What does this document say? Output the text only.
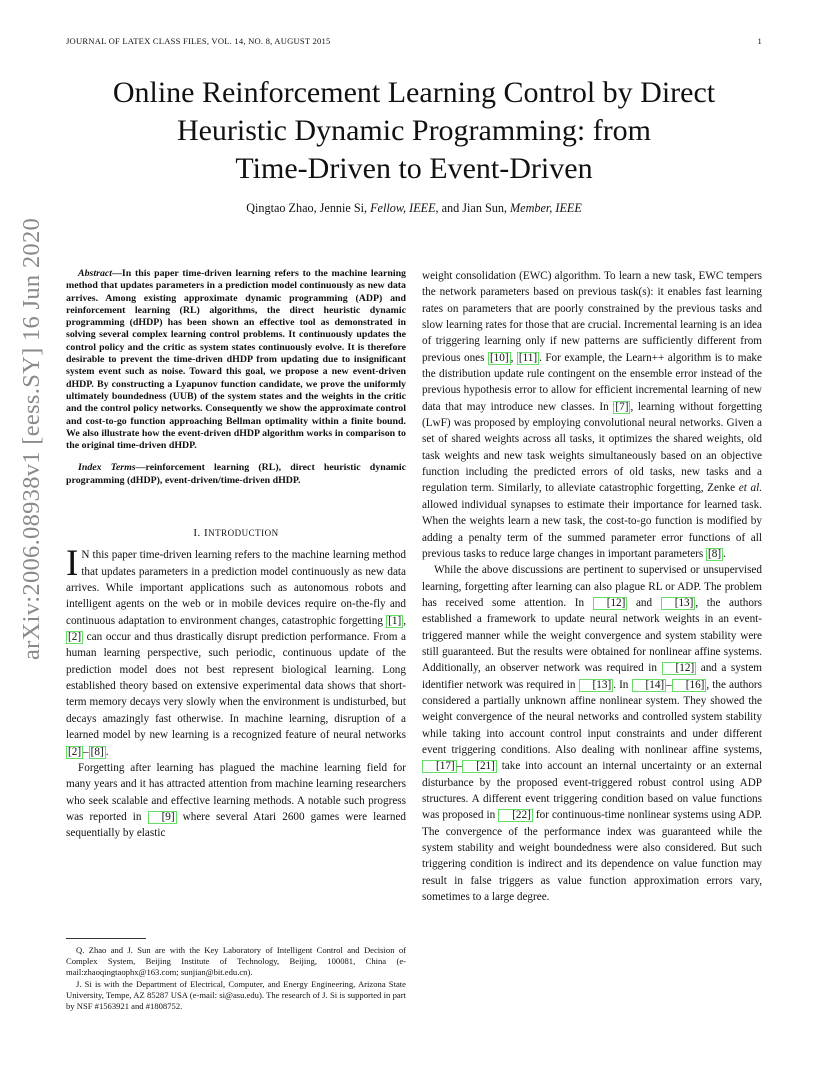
JOURNAL OF LATEX CLASS FILES, VOL. 14, NO. 8, AUGUST 2015	1
arXiv:2006.08938v1 [eess.SY] 16 Jun 2020
Online Reinforcement Learning Control by Direct
Heuristic Dynamic Programming: from
Time-Driven to Event-Driven
Qingtao Zhao, Jennie Si, Fellow, IEEE, and Jian Sun, Member, IEEE

Abstract—In this paper time-driven learning refers to the machine learning method that updates parameters in a prediction model continuously as new data arrives. Among existing approximate dynamic programming (ADP) and reinforcement learning (RL) algorithms, the direct heuristic dynamic programming (dHDP) has been shown an effective tool as demonstrated in solving several complex learning control problems. It continuously updates the control policy and the critic as system states continuously evolve. It is therefore desirable to prevent the time-driven dHDP from updating due to insignificant system event such as noise. Toward this goal, we propose a new event-driven dHDP. By constructing a Lyapunov function candidate, we prove the uniformly ultimately boundedness (UUB) of the system states and the weights in the critic and the control policy networks. Consequently we show the approximate control and cost-to-go function approaching Bellman optimality within a finite bound. We also illustrate how the event-driven dHDP algorithm works in comparison to the original time-driven dHDP.

Index Terms—reinforcement learning (RL), direct heuristic dynamic programming (dHDP), event-driven/time-driven dHDP.

I. INTRODUCTION

I N this paper time-driven learning refers to the machine learning method that updates parameters in a prediction model continuously as new data arrives. While important applications such as autonomous robots and intelligent agents on the web or in mobile devices require on-the-fly and continuous adaptation to environment changes, catastrophic forgetting [1] , [2] can occur and thus drastically disrupt prediction performance. From a human learning perspective, such periodic, continuous update of the prediction model does not best represent biological learning. Long established theory based on extensive experimental data shows that short-term memory decays very slowly when the environment is undisturbed, but decays amazingly fast otherwise. In machine learning, disruption of a learned model by new learning is a recognized feature of neural networks [2] – [8] .

Forgetting after learning has plagued the machine learning field for many years and it has attracted attention from machine learning researchers who seek scalable and effective learning methods. A notable such progress was reported in [9] where several Atari 2600 games were learned sequentially by elastic

Q. Zhao and J. Sun are with the Key Laboratory of Intelligent Control and Decision of Complex System, Beijing Institute of Technology, Beijing, 100081, China (e-mail:zhaoqingtaophx@163.com; sunjian@bit.edu.cn).

J. Si is with the Department of Electrical, Computer, and Energy Engineering, Arizona State University, Tempe, AZ 85287 USA (e-mail: si@asu.edu). The research of J. Si is supported in part by NSF #1563921 and #1808752.

weight consolidation (EWC) algorithm. To learn a new task, EWC tempers the network parameters based on previous task(s): it enables fast learning rates on parameters that are poorly constrained by the previous tasks and slow learning rates for those that are crucial. Incremental learning is an idea of triggering learning only if new patterns are sufficiently different from previous ones [10] , [11] . For example, the Learn++ algorithm is to make the distribution update rule contingent on the ensemble error instead of the previous hypothesis error to allow for efficient incremental learning of new data that may introduce new classes. In [7] , learning without forgetting (LwF) was proposed by employing convolutional neural networks. Given a set of shared weights across all tasks, it optimizes the shared weights, old task weights and new task weights simultaneously based on an objective function including the predicted errors of old tasks, new tasks and a regulation term. Similarly, to alleviate catastrophic forgetting, Zenke et al. allowed individual synapses to estimate their importance for learned task. When the weights learn a new task, the cost-to-go function is modified by adding a penalty term of the summed parameter error functions of all previous tasks to reduce large changes in important parameters [8] .

While the above discussions are pertinent to supervised or unsupervised learning, forgetting after learning can also plague RL or ADP. The problem has received some attention. In [12] and [13] , the authors established a framework to update neural network weights in an event-triggered manner while the weight convergence and system stability were still guaranteed. But the results were obtained for nonlinear affine systems. Additionally, an observer network was required in [12] and a system identifier network was required in [13] . In [14] – [16] , the authors considered a partially unknown affine nonlinear system. They showed the weight convergence of the neural networks and controlled system stability while taking into account control input constraints and under different event triggering conditions. Also dealing with nonlinear affine systems, [17] – [21] take into account an internal uncertainty or an external disturbance by the proposed event-triggered robust control using ADP structures. A different event triggering condition based on value functions was proposed in [22] for continuous-time nonlinear systems using ADP. The convergence of the performance index was guaranteed while the system stability and weight boundedness were also considered. But such triggering condition is indirect and its dependence on value function may result in false triggers as value function approximation errors vary, sometimes to a large degree.
